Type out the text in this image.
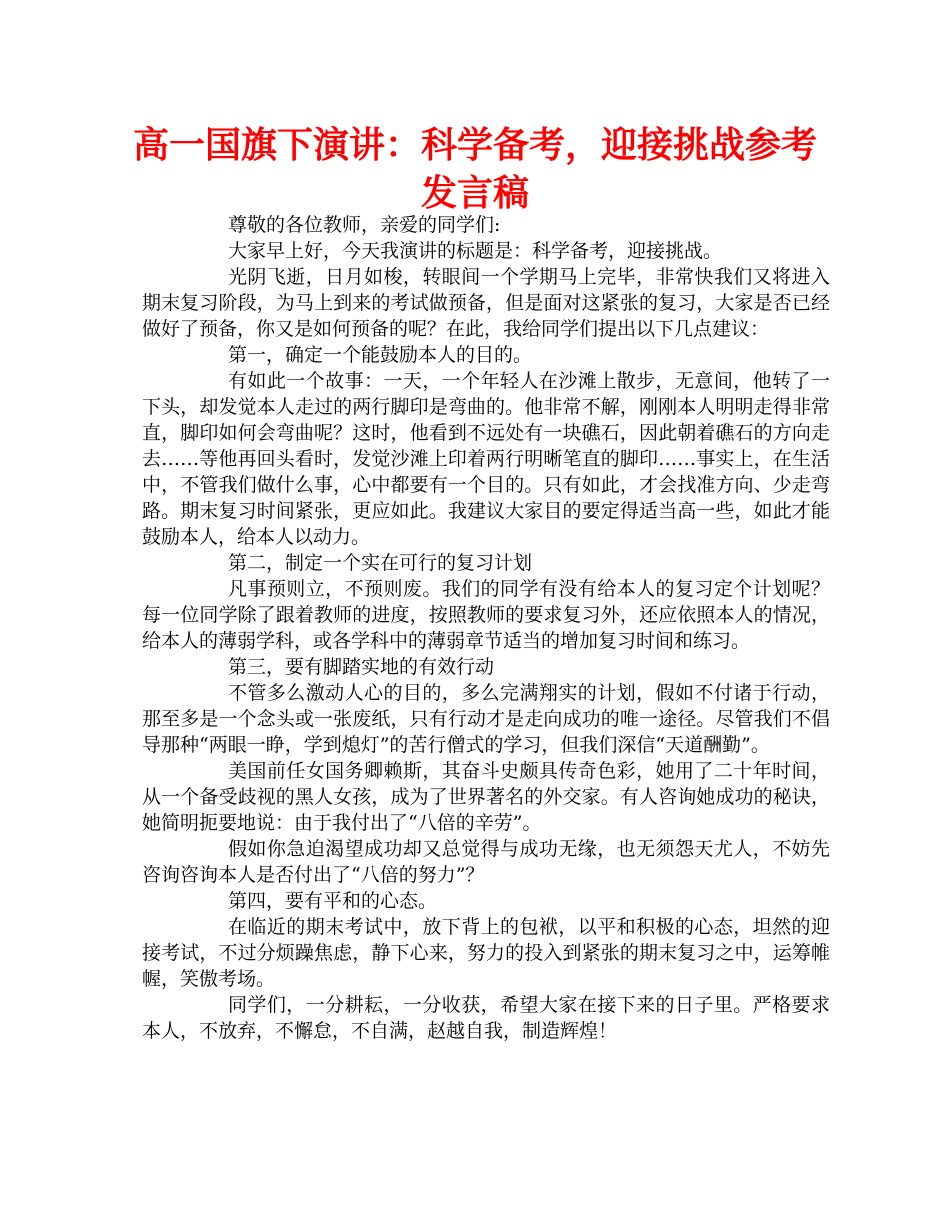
高一国旗下演讲：科学备考，迎接挑战参考发言稿

尊敬的各位教师，亲爱的同学们:

大家早上好，今天我演讲的标题是：科学备考，迎接挑战。

光阴飞逝，日月如梭，转眼间一个学期马上完毕，非常快我们又将进入期末复习阶段，为马上到来的考试做预备，但是面对这紧张的复习，大家是否已经做好了预备，你又是如何预备的呢？在此，我给同学们提出以下几点建议：

第一，确定一个能鼓励本人的目的。

有如此一个故事：一天，一个年轻人在沙滩上散步，无意间，他转了一下头，却发觉本人走过的两行脚印是弯曲的。他非常不解，刚刚本人明明走得非常直，脚印如何会弯曲呢？这时，他看到不远处有一块礁石，因此朝着礁石的方向走去……等他再回头看时，发觉沙滩上印着两行明晰笔直的脚印……事实上，在生活中，不管我们做什么事，心中都要有一个目的。只有如此，才会找准方向、少走弯路。期末复习时间紧张，更应如此。我建议大家目的要定得适当高一些，如此才能鼓励本人，给本人以动力。

第二，制定一个实在可行的复习计划

凡事预则立，不预则废。我们的同学有没有给本人的复习定个计划呢？每一位同学除了跟着教师的进度，按照教师的要求复习外，还应依照本人的情况，给本人的薄弱学科，或各学科中的薄弱章节适当的增加复习时间和练习。

第三，要有脚踏实地的有效行动

不管多么激动人心的目的，多么完满翔实的计划，假如不付诸于行动，那至多是一个念头或一张废纸，只有行动才是走向成功的唯一途径。尽管我们不倡导那种“两眼一睁，学到熄灯”的苦行僧式的学习，但我们深信“天道酬勤”。

美国前任女国务卿赖斯，其奋斗史颇具传奇色彩，她用了二十年时间，从一个备受歧视的黑人女孩，成为了世界著名的外交家。有人咨询她成功的秘诀，她简明扼要地说：由于我付出了“八倍的辛劳”。

假如你急迫渴望成功却又总觉得与成功无缘，也无须怨天尤人，不妨先咨询咨询本人是否付出了“八倍的努力”？

第四，要有平和的心态。

在临近的期末考试中，放下背上的包袱，以平和积极的心态，坦然的迎接考试，不过分烦躁焦虑，静下心来，努力的投入到紧张的期末复习之中，运筹帷幄，笑傲考场。

同学们，一分耕耘，一分收获，希望大家在接下来的日子里。严格要求本人，不放弃，不懈怠，不自满，赵越自我，制造辉煌！
